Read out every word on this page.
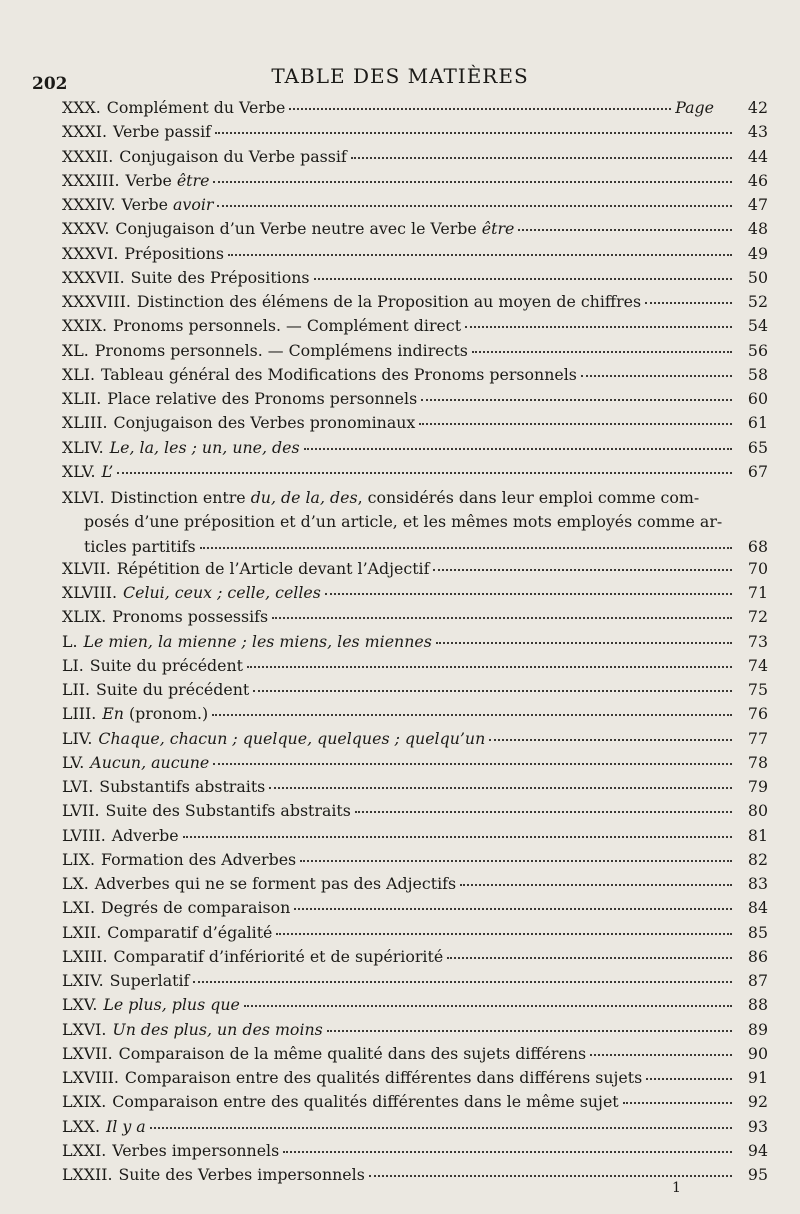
202	TABLE DES MATIÈRES
XXX. Complément du Verbe	Page	42
XXXI. Verbe passif	43
XXXII. Conjugaison du Verbe passif	44
XXXIII. Verbe être	46
XXXIV. Verbe avoir	47
XXXV. Conjugaison d’un Verbe neutre avec le Verbe être	48
XXXVI. Prépositions	49
XXXVII. Suite des Prépositions	50
XXXVIII. Distinction des élémens de la Proposition au moyen de chiffres	52
XXIX. Pronoms personnels. — Complément direct	54
XL. Pronoms personnels. — Complémens indirects	56
XLI. Tableau général des Modifications des Pronoms personnels	58
XLII. Place relative des Pronoms personnels	60
XLIII. Conjugaison des Verbes pronominaux	61
XLIV. Le, la, les ; un, une, des	65
XLV. L’	67
XLVI. Distinction entre du, de la, des, considérés dans leur emploi comme com-
posés d’une préposition et d’un article, et les mêmes mots employés comme ar-
ticles partitifs	68
XLVII. Répétition de l’Article devant l’Adjectif	70
XLVIII. Celui, ceux ; celle, celles	71
XLIX. Pronoms possessifs	72
L. Le mien, la mienne ; les miens, les miennes	73
LI. Suite du précédent	74
LII. Suite du précédent	75
LIII. En (pronom.)	76
LIV. Chaque, chacun ; quelque, quelques ; quelqu’un	77
LV. Aucun, aucune	78
LVI. Substantifs abstraits	79
LVII. Suite des Substantifs abstraits	80
LVIII. Adverbe	81
LIX. Formation des Adverbes	82
LX. Adverbes qui ne se forment pas des Adjectifs	83
LXI. Degrés de comparaison	84
LXII. Comparatif d’égalité	85
LXIII. Comparatif d’infériorité et de supériorité	86
LXIV. Superlatif	87
LXV. Le plus, plus que	88
LXVI. Un des plus, un des moins	89
LXVII. Comparaison de la même qualité dans des sujets différens	90
LXVIII. Comparaison entre des qualités différentes dans différens sujets	91
LXIX. Comparaison entre des qualités différentes dans le même sujet	92
LXX. Il y a	93
LXXI. Verbes impersonnels	94
LXXII. Suite des Verbes impersonnels	95
1
